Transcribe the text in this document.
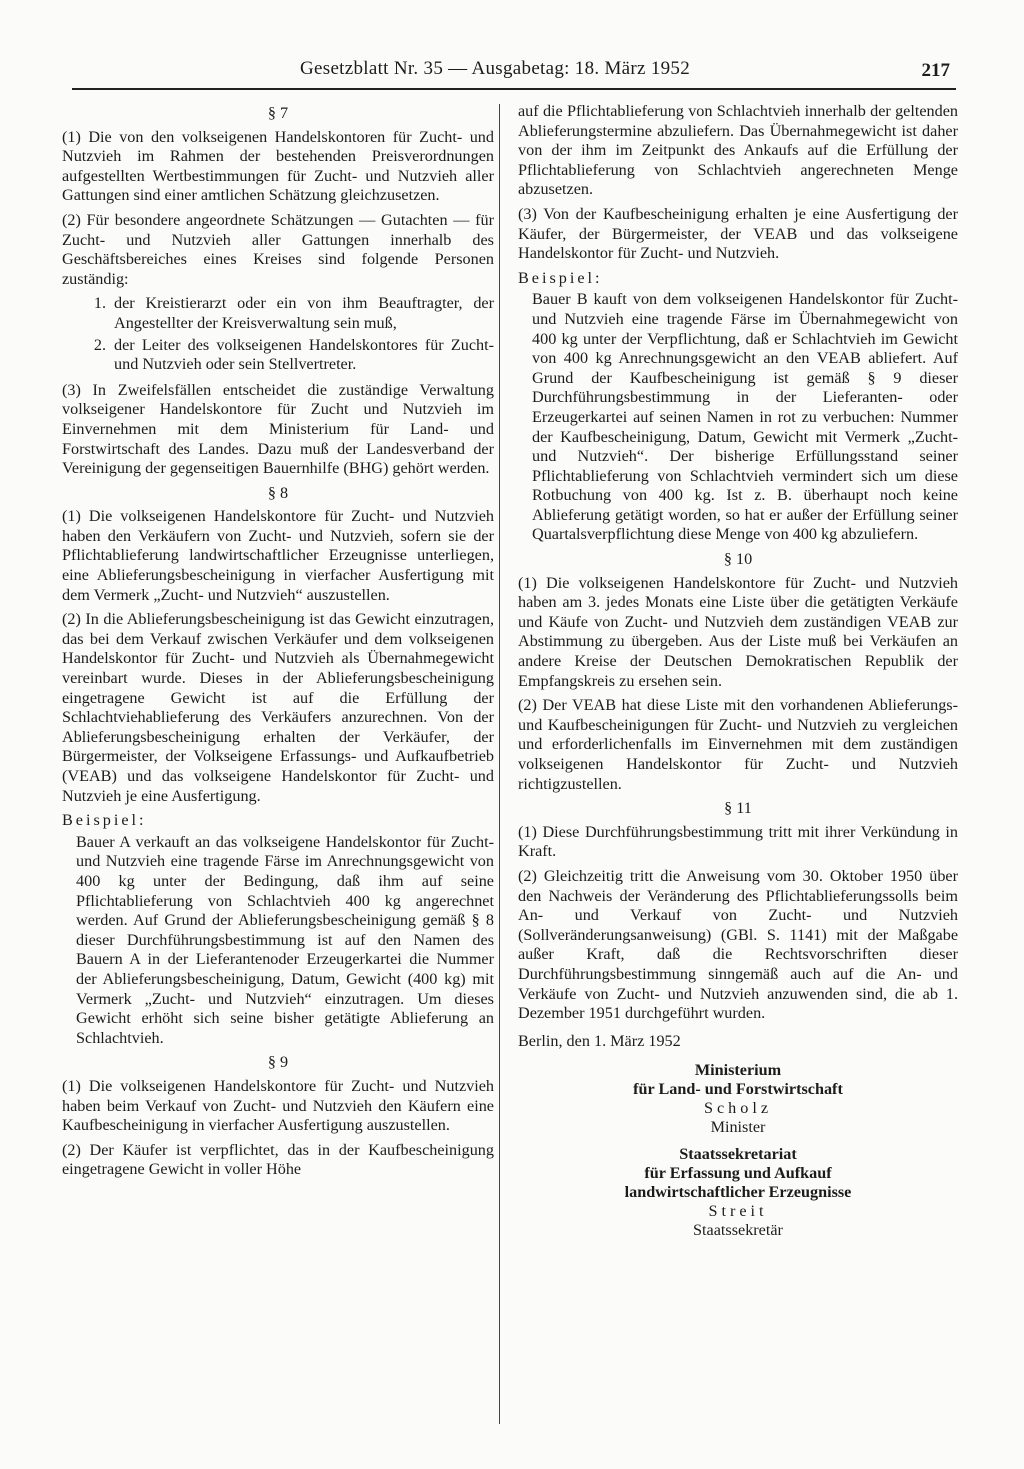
Gesetzblatt Nr. 35 — Ausgabetag: 18. März 1952	217
§ 7

(1) Die von den volkseigenen Handelskontoren für Zucht- und Nutzvieh im Rahmen der bestehenden Preisverordnungen aufgestellten Wertbestimmungen für Zucht- und Nutzvieh aller Gattungen sind einer amtlichen Schätzung gleichzusetzen.

(2) Für besondere angeordnete Schätzungen — Gutachten — für Zucht- und Nutzvieh aller Gattungen innerhalb des Geschäftsbereiches eines Kreises sind folgende Personen zuständig:

1. der Kreistierarzt oder ein von ihm Beauftragter, der Angestellter der Kreisverwaltung sein muß,
2. der Leiter des volkseigenen Handelskontores für Zucht- und Nutzvieh oder sein Stellvertreter.

(3) In Zweifelsfällen entscheidet die zuständige Verwaltung volkseigener Handelskontore für Zucht und Nutzvieh im Einvernehmen mit dem Ministerium für Land- und Forstwirtschaft des Landes. Dazu muß der Landesverband der Vereinigung der gegenseitigen Bauernhilfe (BHG) gehört werden.

§ 8

(1) Die volkseigenen Handelskontore für Zucht- und Nutzvieh haben den Verkäufern von Zucht- und Nutzvieh, sofern sie der Pflichtablieferung landwirtschaftlicher Erzeugnisse unterliegen, eine Ablieferungsbescheinigung in vierfacher Ausfertigung mit dem Vermerk „Zucht- und Nutzvieh“ auszustellen.

(2) In die Ablieferungsbescheinigung ist das Gewicht einzutragen, das bei dem Verkauf zwischen Verkäufer und dem volkseigenen Handelskontor für Zucht- und Nutzvieh als Übernahmegewicht vereinbart wurde. Dieses in der Ablieferungsbescheinigung eingetragene Gewicht ist auf die Erfüllung der Schlachtviehablieferung des Verkäufers anzurechnen. Von der Ablieferungsbescheinigung erhalten der Verkäufer, der Bürgermeister, der Volkseigene Erfassungs- und Aufkaufbetrieb (VEAB) und das volkseigene Handelskontor für Zucht- und Nutzvieh je eine Ausfertigung.

Beispiel:

Bauer A verkauft an das volkseigene Handelskontor für Zucht- und Nutzvieh eine tragende Färse im Anrechnungsgewicht von 400 kg unter der Bedingung, daß ihm auf seine Pflichtablieferung von Schlachtvieh 400 kg angerechnet werden. Auf Grund der Ablieferungsbescheinigung gemäß § 8 dieser Durchführungsbestimmung ist auf den Namen des Bauern A in der Lieferantenoder Erzeugerkartei die Nummer der Ablieferungsbescheinigung, Datum, Gewicht (400 kg) mit Vermerk „Zucht- und Nutzvieh“ einzutragen. Um dieses Gewicht erhöht sich seine bisher getätigte Ablieferung an Schlachtvieh.

§ 9

(1) Die volkseigenen Handelskontore für Zucht- und Nutzvieh haben beim Verkauf von Zucht- und Nutzvieh den Käufern eine Kaufbescheinigung in vierfacher Ausfertigung auszustellen.

(2) Der Käufer ist verpflichtet, das in der Kaufbescheinigung eingetragene Gewicht in voller Höhe

auf die Pflichtablieferung von Schlachtvieh innerhalb der geltenden Ablieferungstermine abzuliefern. Das Übernahmegewicht ist daher von der ihm im Zeitpunkt des Ankaufs auf die Erfüllung der Pflichtablieferung von Schlachtvieh angerechneten Menge abzusetzen.

(3) Von der Kaufbescheinigung erhalten je eine Ausfertigung der Käufer, der Bürgermeister, der VEAB und das volkseigene Handelskontor für Zucht- und Nutzvieh.

Beispiel:

Bauer B kauft von dem volkseigenen Handelskontor für Zucht- und Nutzvieh eine tragende Färse im Übernahmegewicht von 400 kg unter der Verpflichtung, daß er Schlachtvieh im Gewicht von 400 kg Anrechnungsgewicht an den VEAB abliefert. Auf Grund der Kaufbescheinigung ist gemäß § 9 dieser Durchführungsbestimmung in der Lieferanten- oder Erzeugerkartei auf seinen Namen in rot zu verbuchen: Nummer der Kaufbescheinigung, Datum, Gewicht mit Vermerk „Zucht- und Nutzvieh“. Der bisherige Erfüllungsstand seiner Pflichtablieferung von Schlachtvieh vermindert sich um diese Rotbuchung von 400 kg. Ist z. B. überhaupt noch keine Ablieferung getätigt worden, so hat er außer der Erfüllung seiner Quartalsverpflichtung diese Menge von 400 kg abzuliefern.

§ 10

(1) Die volkseigenen Handelskontore für Zucht- und Nutzvieh haben am 3. jedes Monats eine Liste über die getätigten Verkäufe und Käufe von Zucht- und Nutzvieh dem zuständigen VEAB zur Abstimmung zu übergeben. Aus der Liste muß bei Verkäufen an andere Kreise der Deutschen Demokratischen Republik der Empfangskreis zu ersehen sein.

(2) Der VEAB hat diese Liste mit den vorhandenen Ablieferungs- und Kaufbescheinigungen für Zucht- und Nutzvieh zu vergleichen und erforderlichenfalls im Einvernehmen mit dem zuständigen volkseigenen Handelskontor für Zucht- und Nutzvieh richtigzustellen.

§ 11

(1) Diese Durchführungsbestimmung tritt mit ihrer Verkündung in Kraft.

(2) Gleichzeitig tritt die Anweisung vom 30. Oktober 1950 über den Nachweis der Veränderung des Pflichtablieferungssolls beim An- und Verkauf von Zucht- und Nutzvieh (Sollveränderungsanweisung) (GBl. S. 1141) mit der Maßgabe außer Kraft, daß die Rechtsvorschriften dieser Durchführungsbestimmung sinngemäß auch auf die An- und Verkäufe von Zucht- und Nutzvieh anzuwenden sind, die ab 1. Dezember 1951 durchgeführt wurden.

Berlin, den 1. März 1952

Ministerium
für Land- und Forstwirtschaft
Scholz
Minister
Staatssekretariat
für Erfassung und Aufkauf
landwirtschaftlicher Erzeugnisse
Streit
Staatssekretär
